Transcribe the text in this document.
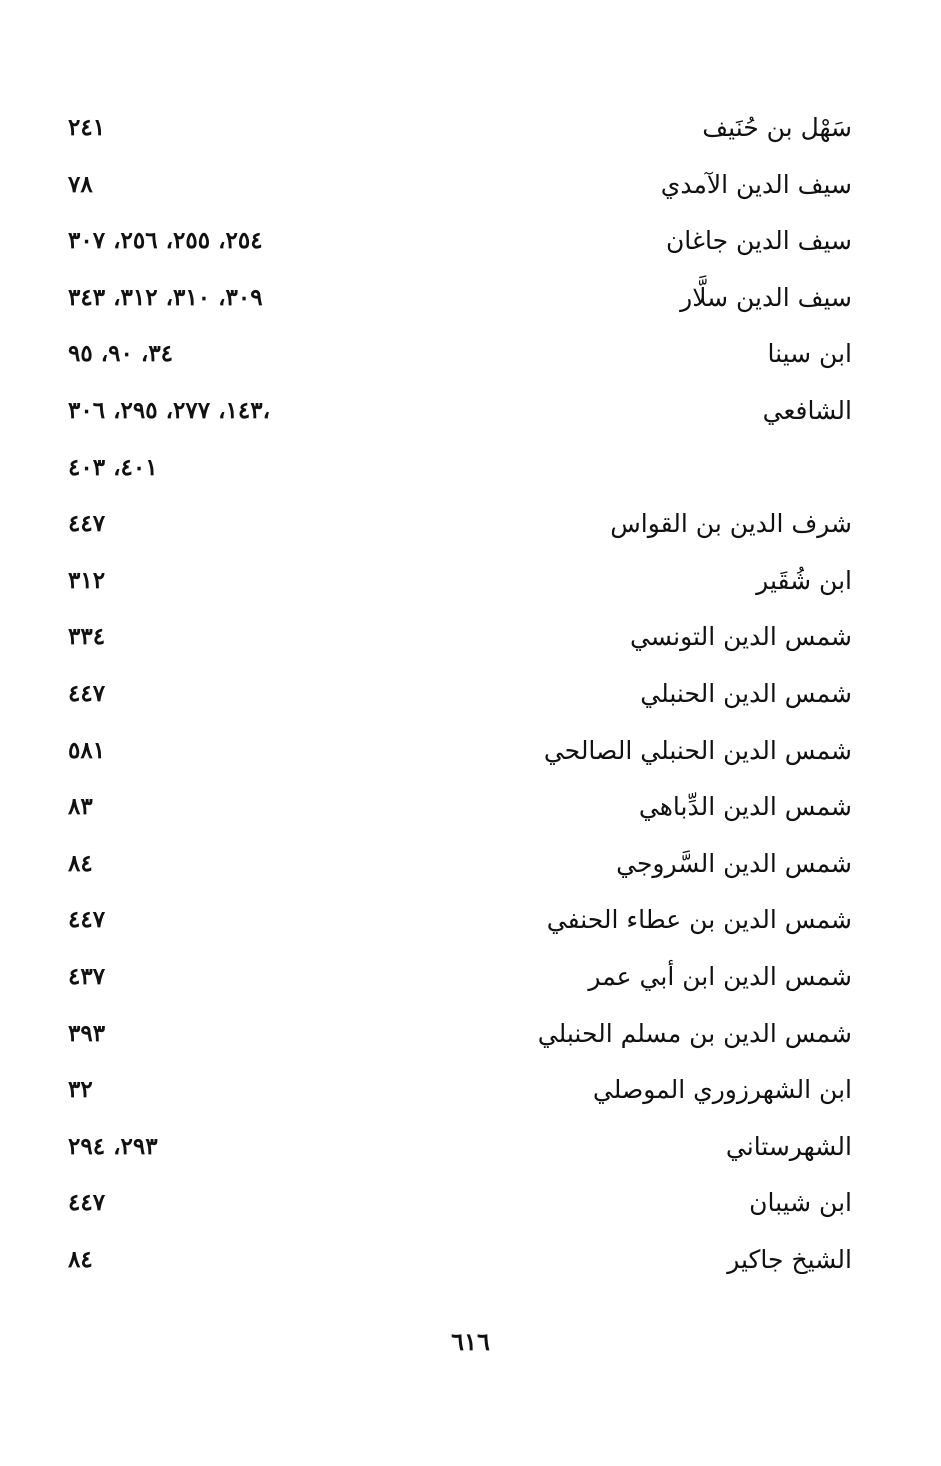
سَهْل بن حُنَيف
٢٤١
سيف الدين الآمدي
٧٨
سيف الدين جاغان
٢٥٤، ٢٥٥، ٢٥٦، ٣٠٧
سيف الدين سلَّار
٣٠٩، ٣١٠، ٣١٢، ٣٤٣
ابن سينا
٣٤، ٩٠، ٩٥
الشافعي
١٤٣، ٢٧٧، ٢٩٥، ٣٠٦،
٤٠١، ٤٠٣
شرف الدين بن القواس
٤٤٧
ابن شُقَير
٣١٢
شمس الدين التونسي
٣٣٤
شمس الدين الحنبلي
٤٤٧
شمس الدين الحنبلي الصالحي
٥٨١
شمس الدين الدِّباهي
٨٣
شمس الدين السَّروجي
٨٤
شمس الدين بن عطاء الحنفي
٤٤٧
شمس الدين ابن أبي عمر
٤٣٧
شمس الدين بن مسلم الحنبلي
٣٩٣
ابن الشهرزوري الموصلي
٣٢
الشهرستاني
٢٩٣، ٢٩٤
ابن شيبان
٤٤٧
الشيخ جاكير
٨٤
٦١٦
